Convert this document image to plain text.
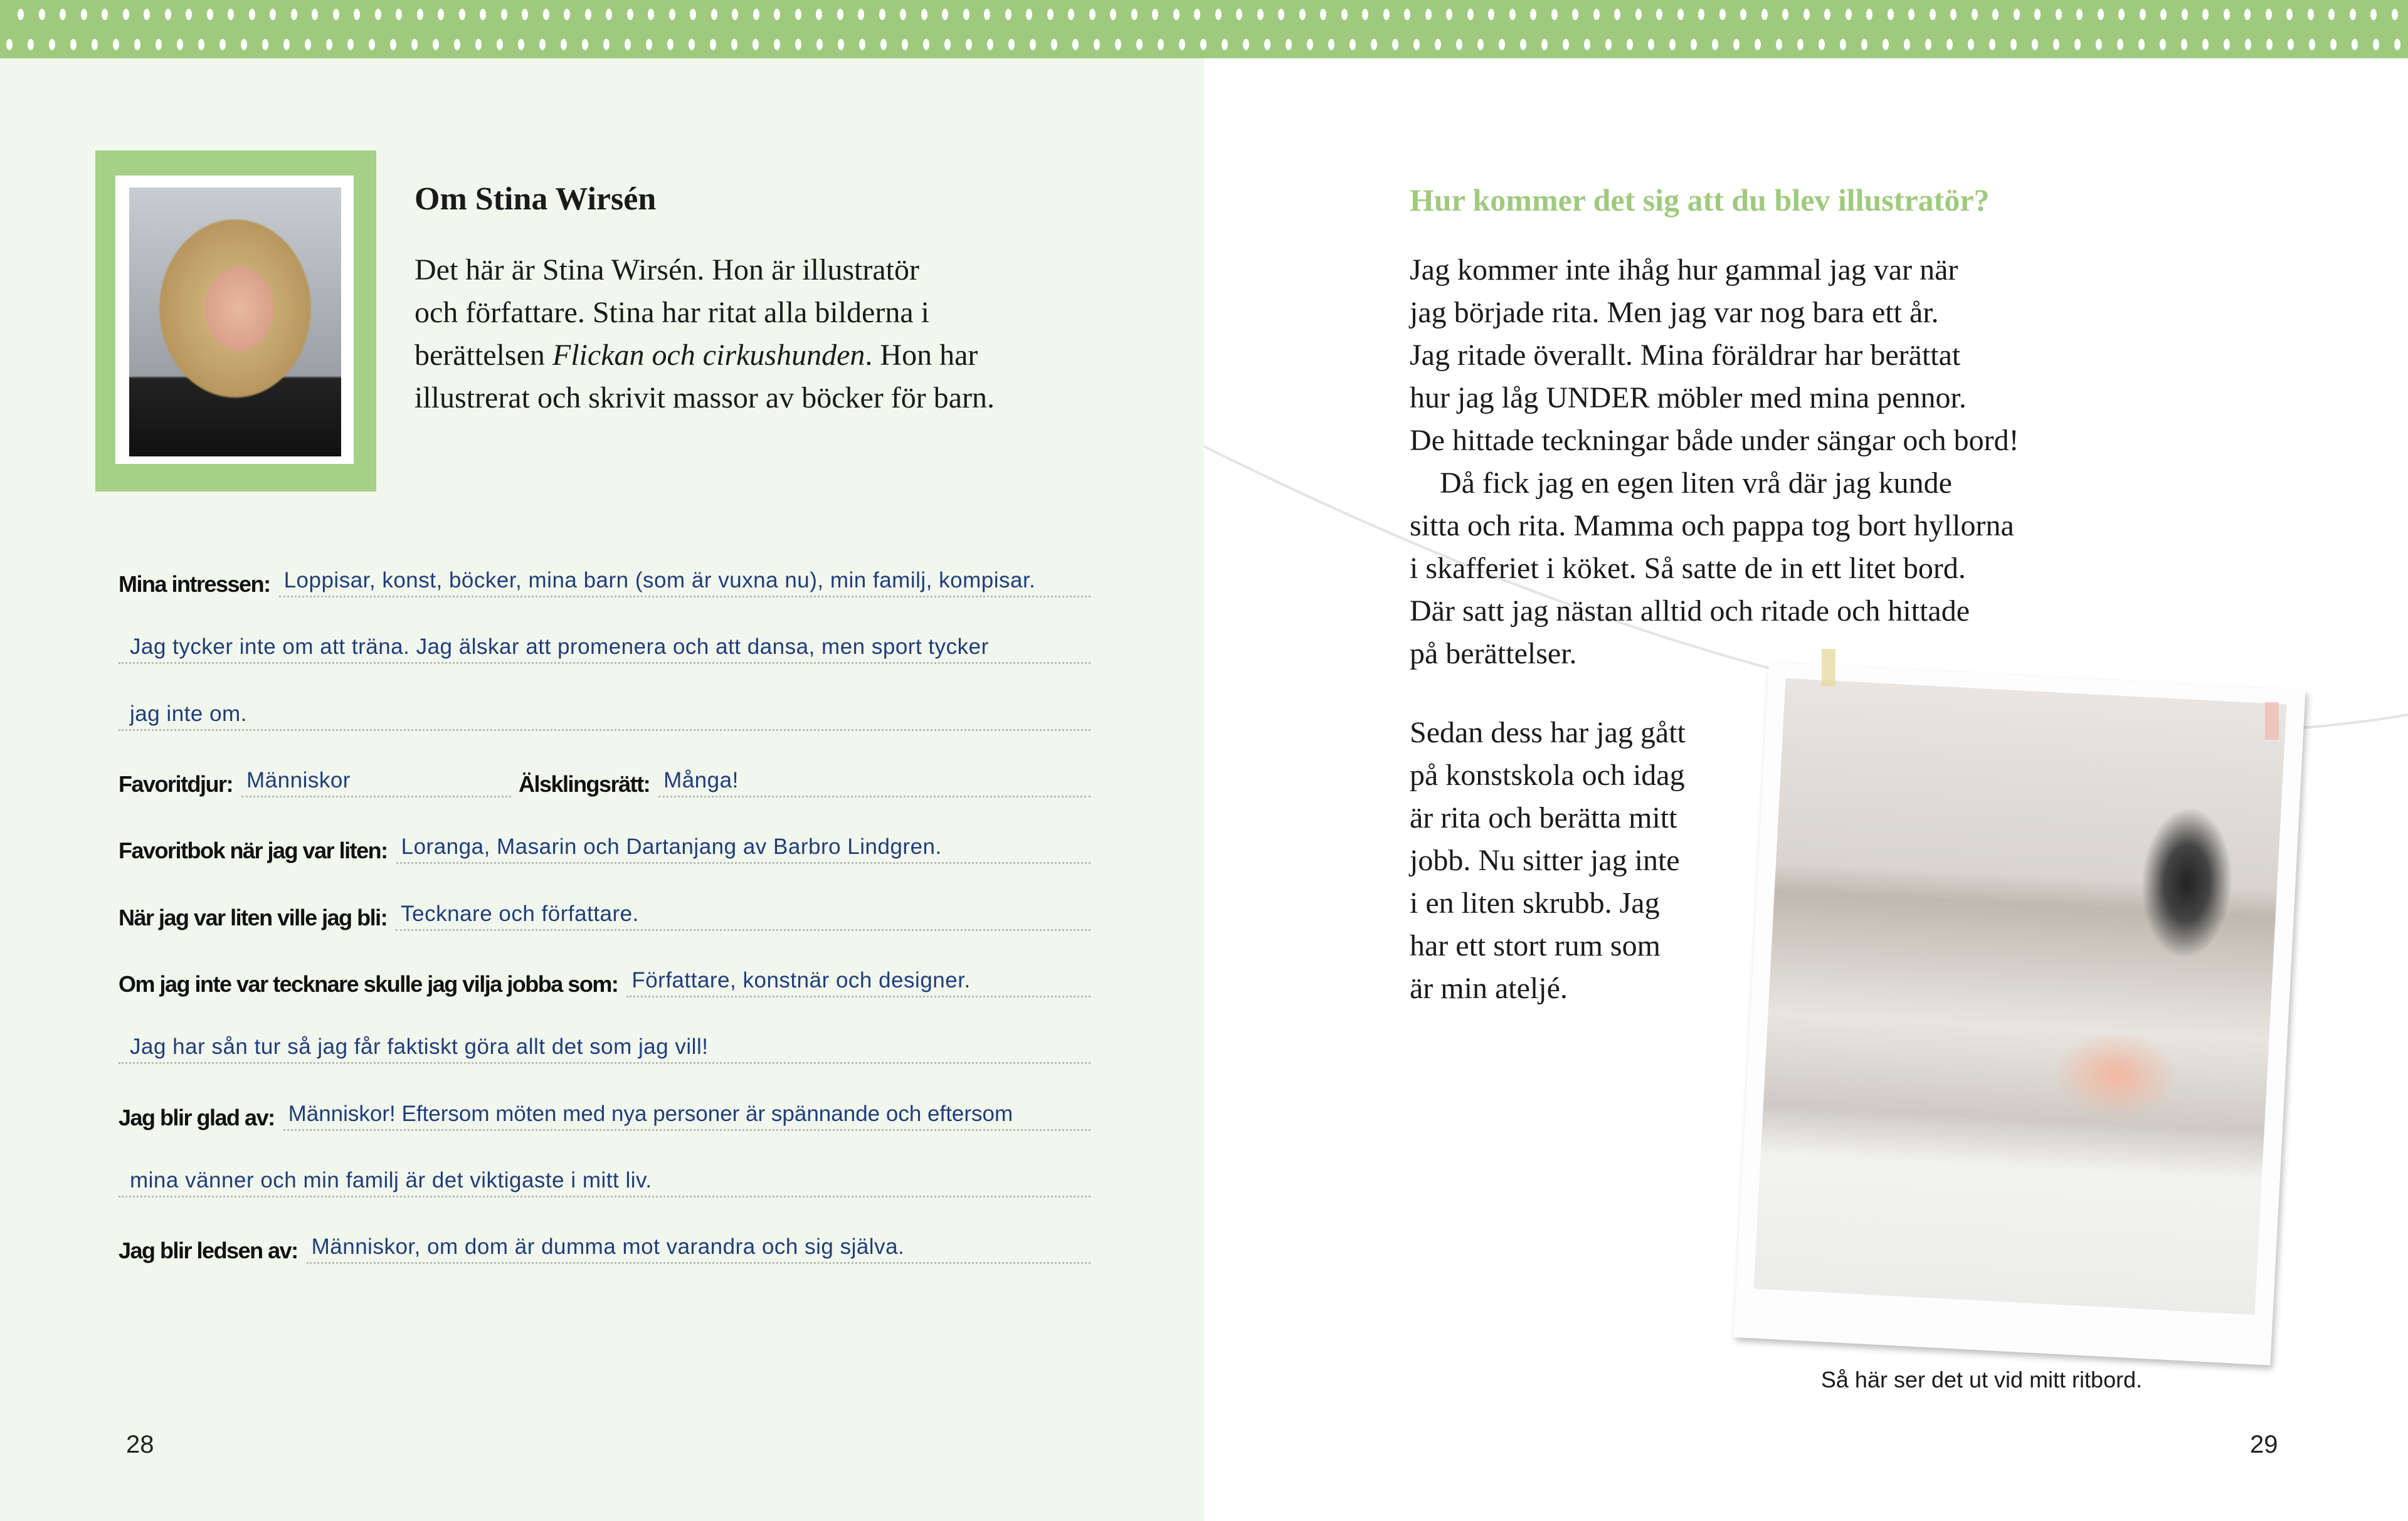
Om Stina Wirsén
Det här är Stina Wirsén. Hon är illustratör
och författare. Stina har ritat alla bilderna i
berättelsen Flickan och cirkushunden. Hon har
illustrerat och skrivit massor av böcker för barn.
Mina intressen: Loppisar, konst, böcker, mina barn (som är vuxna nu), min familj, kompisar.
Jag tycker inte om att träna. Jag älskar att promenera och att dansa, men sport tycker
jag inte om.
Favoritdjur: Människor	Älsklingsrätt: Många!
Favoritbok när jag var liten: Loranga, Masarin och Dartanjang av Barbro Lindgren.
När jag var liten ville jag bli: Tecknare och författare.
Om jag inte var tecknare skulle jag vilja jobba som: Författare, konstnär och designer.
Jag har sån tur så jag får faktiskt göra allt det som jag vill!
Jag blir glad av: Människor! Eftersom möten med nya personer är spännande och eftersom
mina vänner och min familj är det viktigaste i mitt liv.
Jag blir ledsen av: Människor, om dom är dumma mot varandra och sig själva.
28
Hur kommer det sig att du blev illustratör?
Jag kommer inte ihåg hur gammal jag var när
jag började rita. Men jag var nog bara ett år.
Jag ritade överallt. Mina föräldrar har berättat
hur jag låg UNDER möbler med mina pennor.
De hittade teckningar både under sängar och bord!
Då fick jag en egen liten vrå där jag kunde
sitta och rita. Mamma och pappa tog bort hyllorna
i skafferiet i köket. Så satte de in ett litet bord.
Där satt jag nästan alltid och ritade och hittade
på berättelser.
Sedan dess har jag gått
på konstskola och idag
är rita och berätta mitt
jobb. Nu sitter jag inte
i en liten skrubb. Jag
har ett stort rum som
är min ateljé.
Så här ser det ut vid mitt ritbord.
29
